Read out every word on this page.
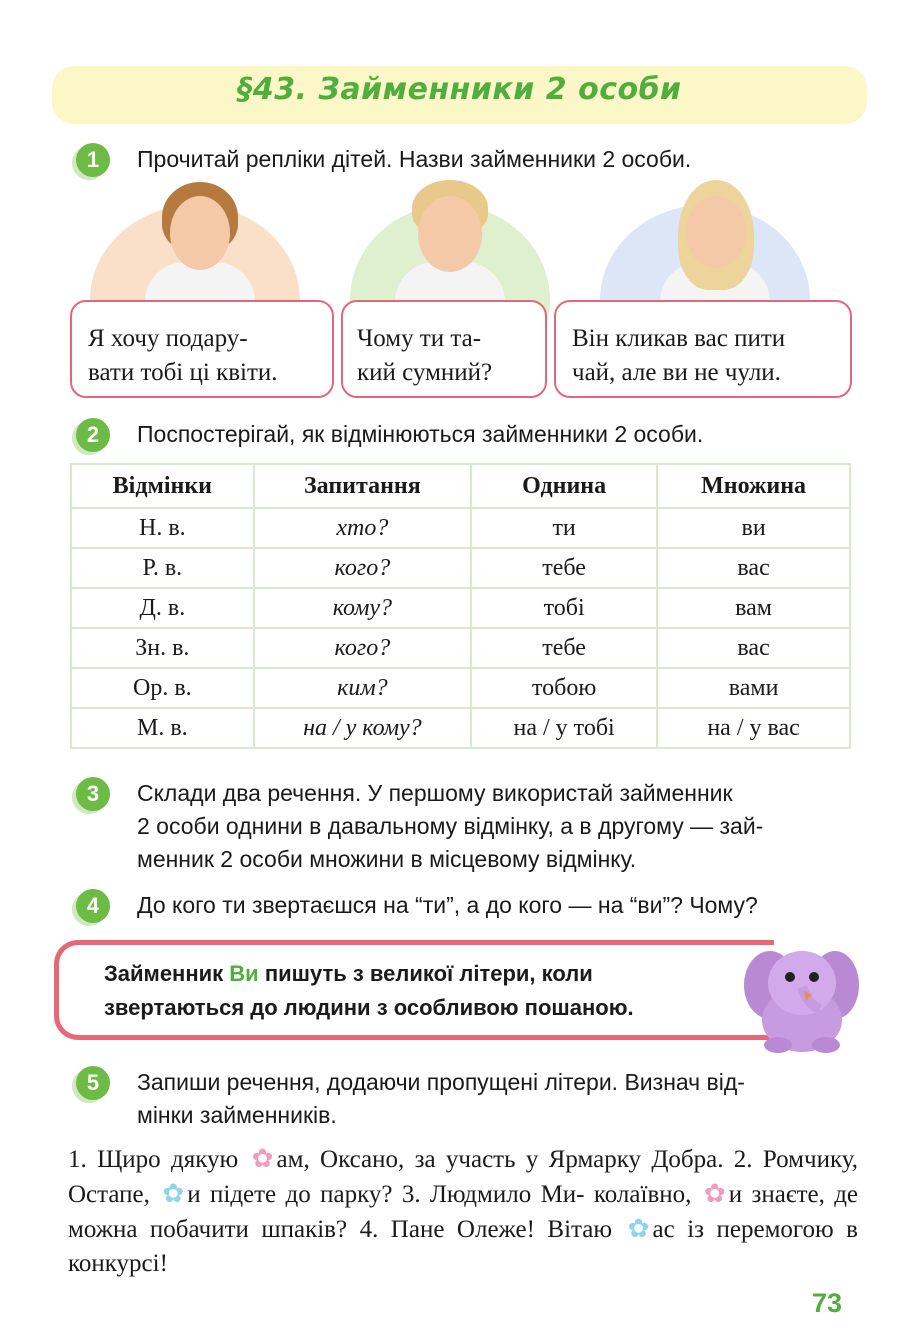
§43. Займенники 2 особи
1	Прочитай репліки дітей. Назви займенники 2 особи.
Я хочу подару-
вати тобі ці квіти.
Чому ти та-
кий сумний?
Він кликав вас пити
чай, але ви не чули.
2	Поспостерігай, як відмінюються займенники 2 особи.
Відмінки	Запитання	Однина	Множина
Н. в.	хто?	ти	ви
Р. в.	кого?	тебе	вас
Д. в.	кому?	тобі	вам
Зн. в.	кого?	тебе	вас
Ор. в.	ким?	тобою	вами
М. в.	на / у кому?	на / у тобі	на / у вас
3	Склади два речення. У першому використай займенник
2 особи однини в давальному відмінку, а в другому — зай-
менник 2 особи множини в місцевому відмінку.
4	До кого ти звертаєшся на “ти”, а до кого — на “ви”? Чому?
Займенник Ви пишуть з великої літери, коли
звертаються до людини з особливою пошаною.
5	Запиши речення, додаючи пропущені літери. Визнач від-
мінки займенників.
1. Щиро дякую ✿ ам, Оксано, за участь у Ярмарку Добра. 2. Ромчику, Остапе, ✿ и підете до парку? 3. Людмило Ми- колаївно, ✿ и знаєте, де можна побачити шпаків? 4. Пане Олеже! Вітаю ✿ ас із перемогою в конкурсі!
73
